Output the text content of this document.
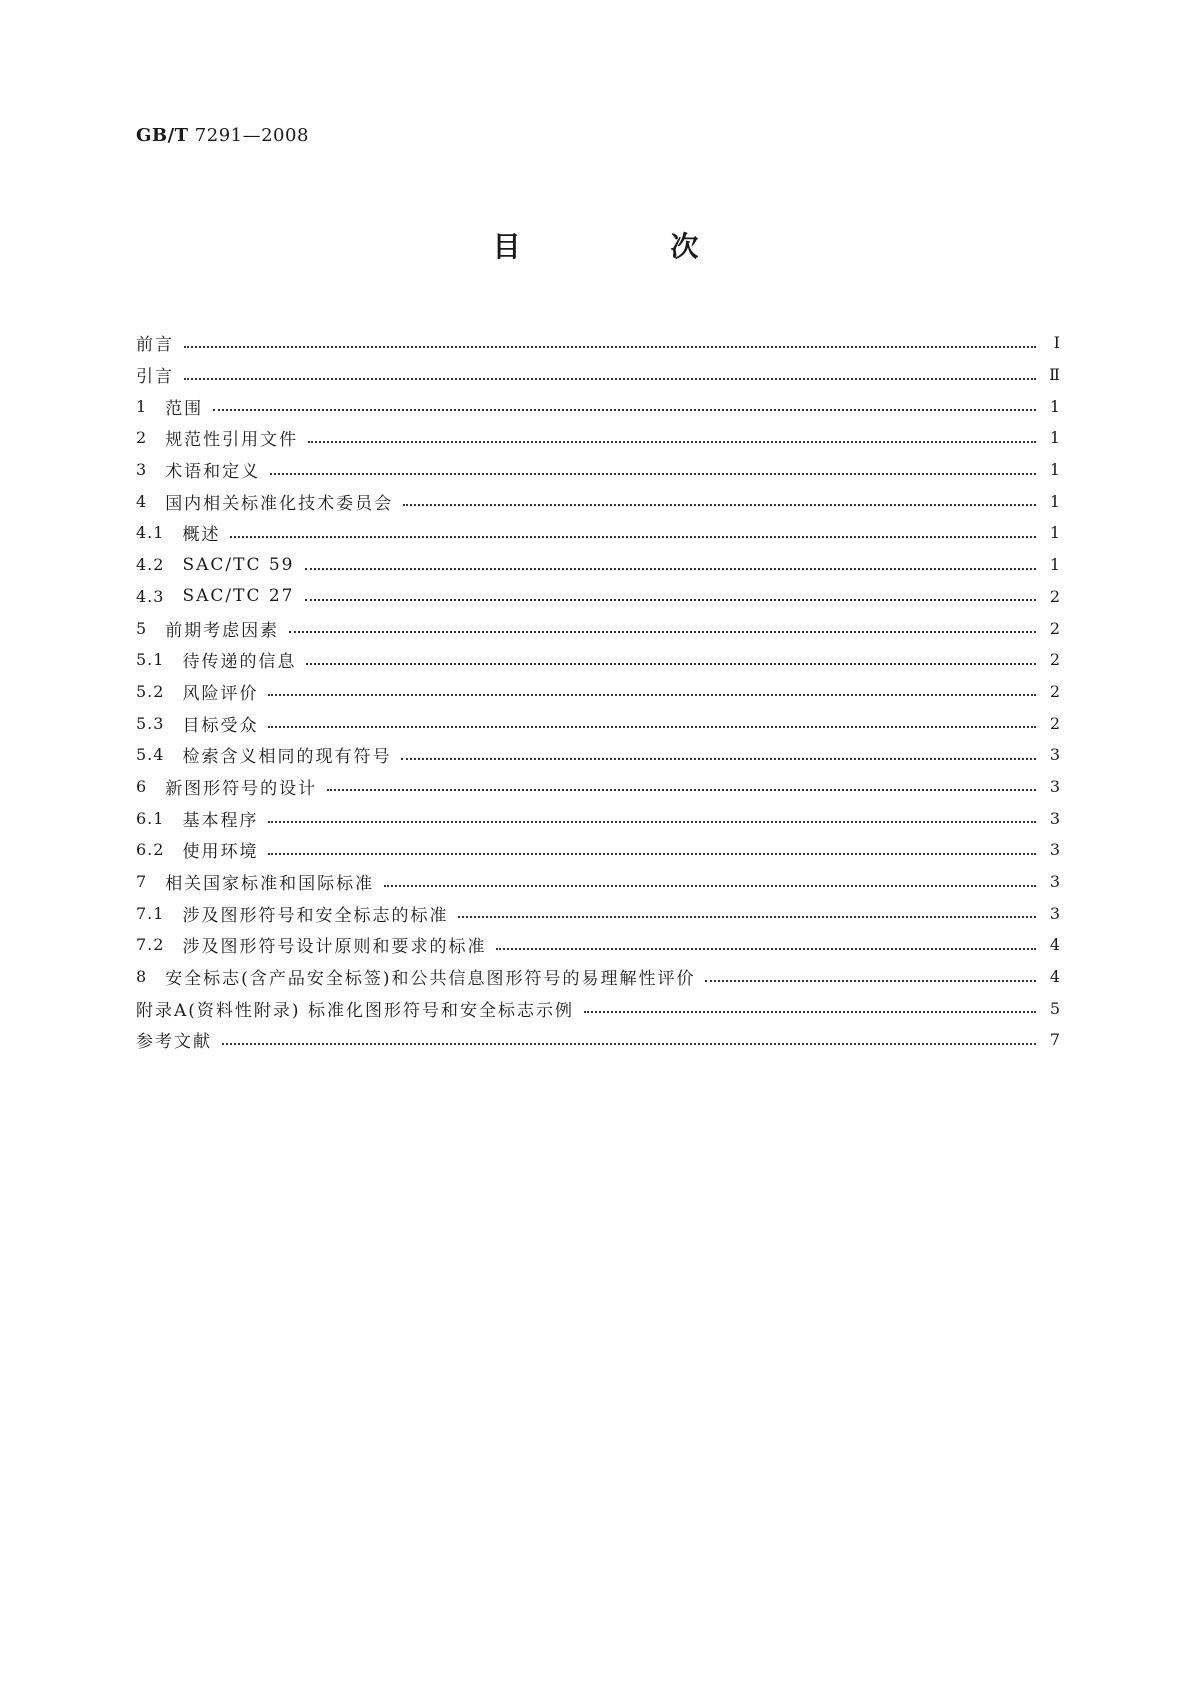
GB/T 7291—2008
目 次
前言	Ⅰ
引言	Ⅱ
1 范围	1
2 规范性引用文件	1
3 术语和定义	1
4 国内相关标准化技术委员会	1
4.1 概述	1
4.2 SAC/TC 59	1
4.3 SAC/TC 27	2
5 前期考虑因素	2
5.1 待传递的信息	2
5.2 风险评价	2
5.3 目标受众	2
5.4 检索含义相同的现有符号	3
6 新图形符号的设计	3
6.1 基本程序	3
6.2 使用环境	3
7 相关国家标准和国际标准	3
7.1 涉及图形符号和安全标志的标准	3
7.2 涉及图形符号设计原则和要求的标准	4
8 安全标志(含产品安全标签)和公共信息图形符号的易理解性评价	4
附录A(资料性附录) 标准化图形符号和安全标志示例	5
参考文献	7
